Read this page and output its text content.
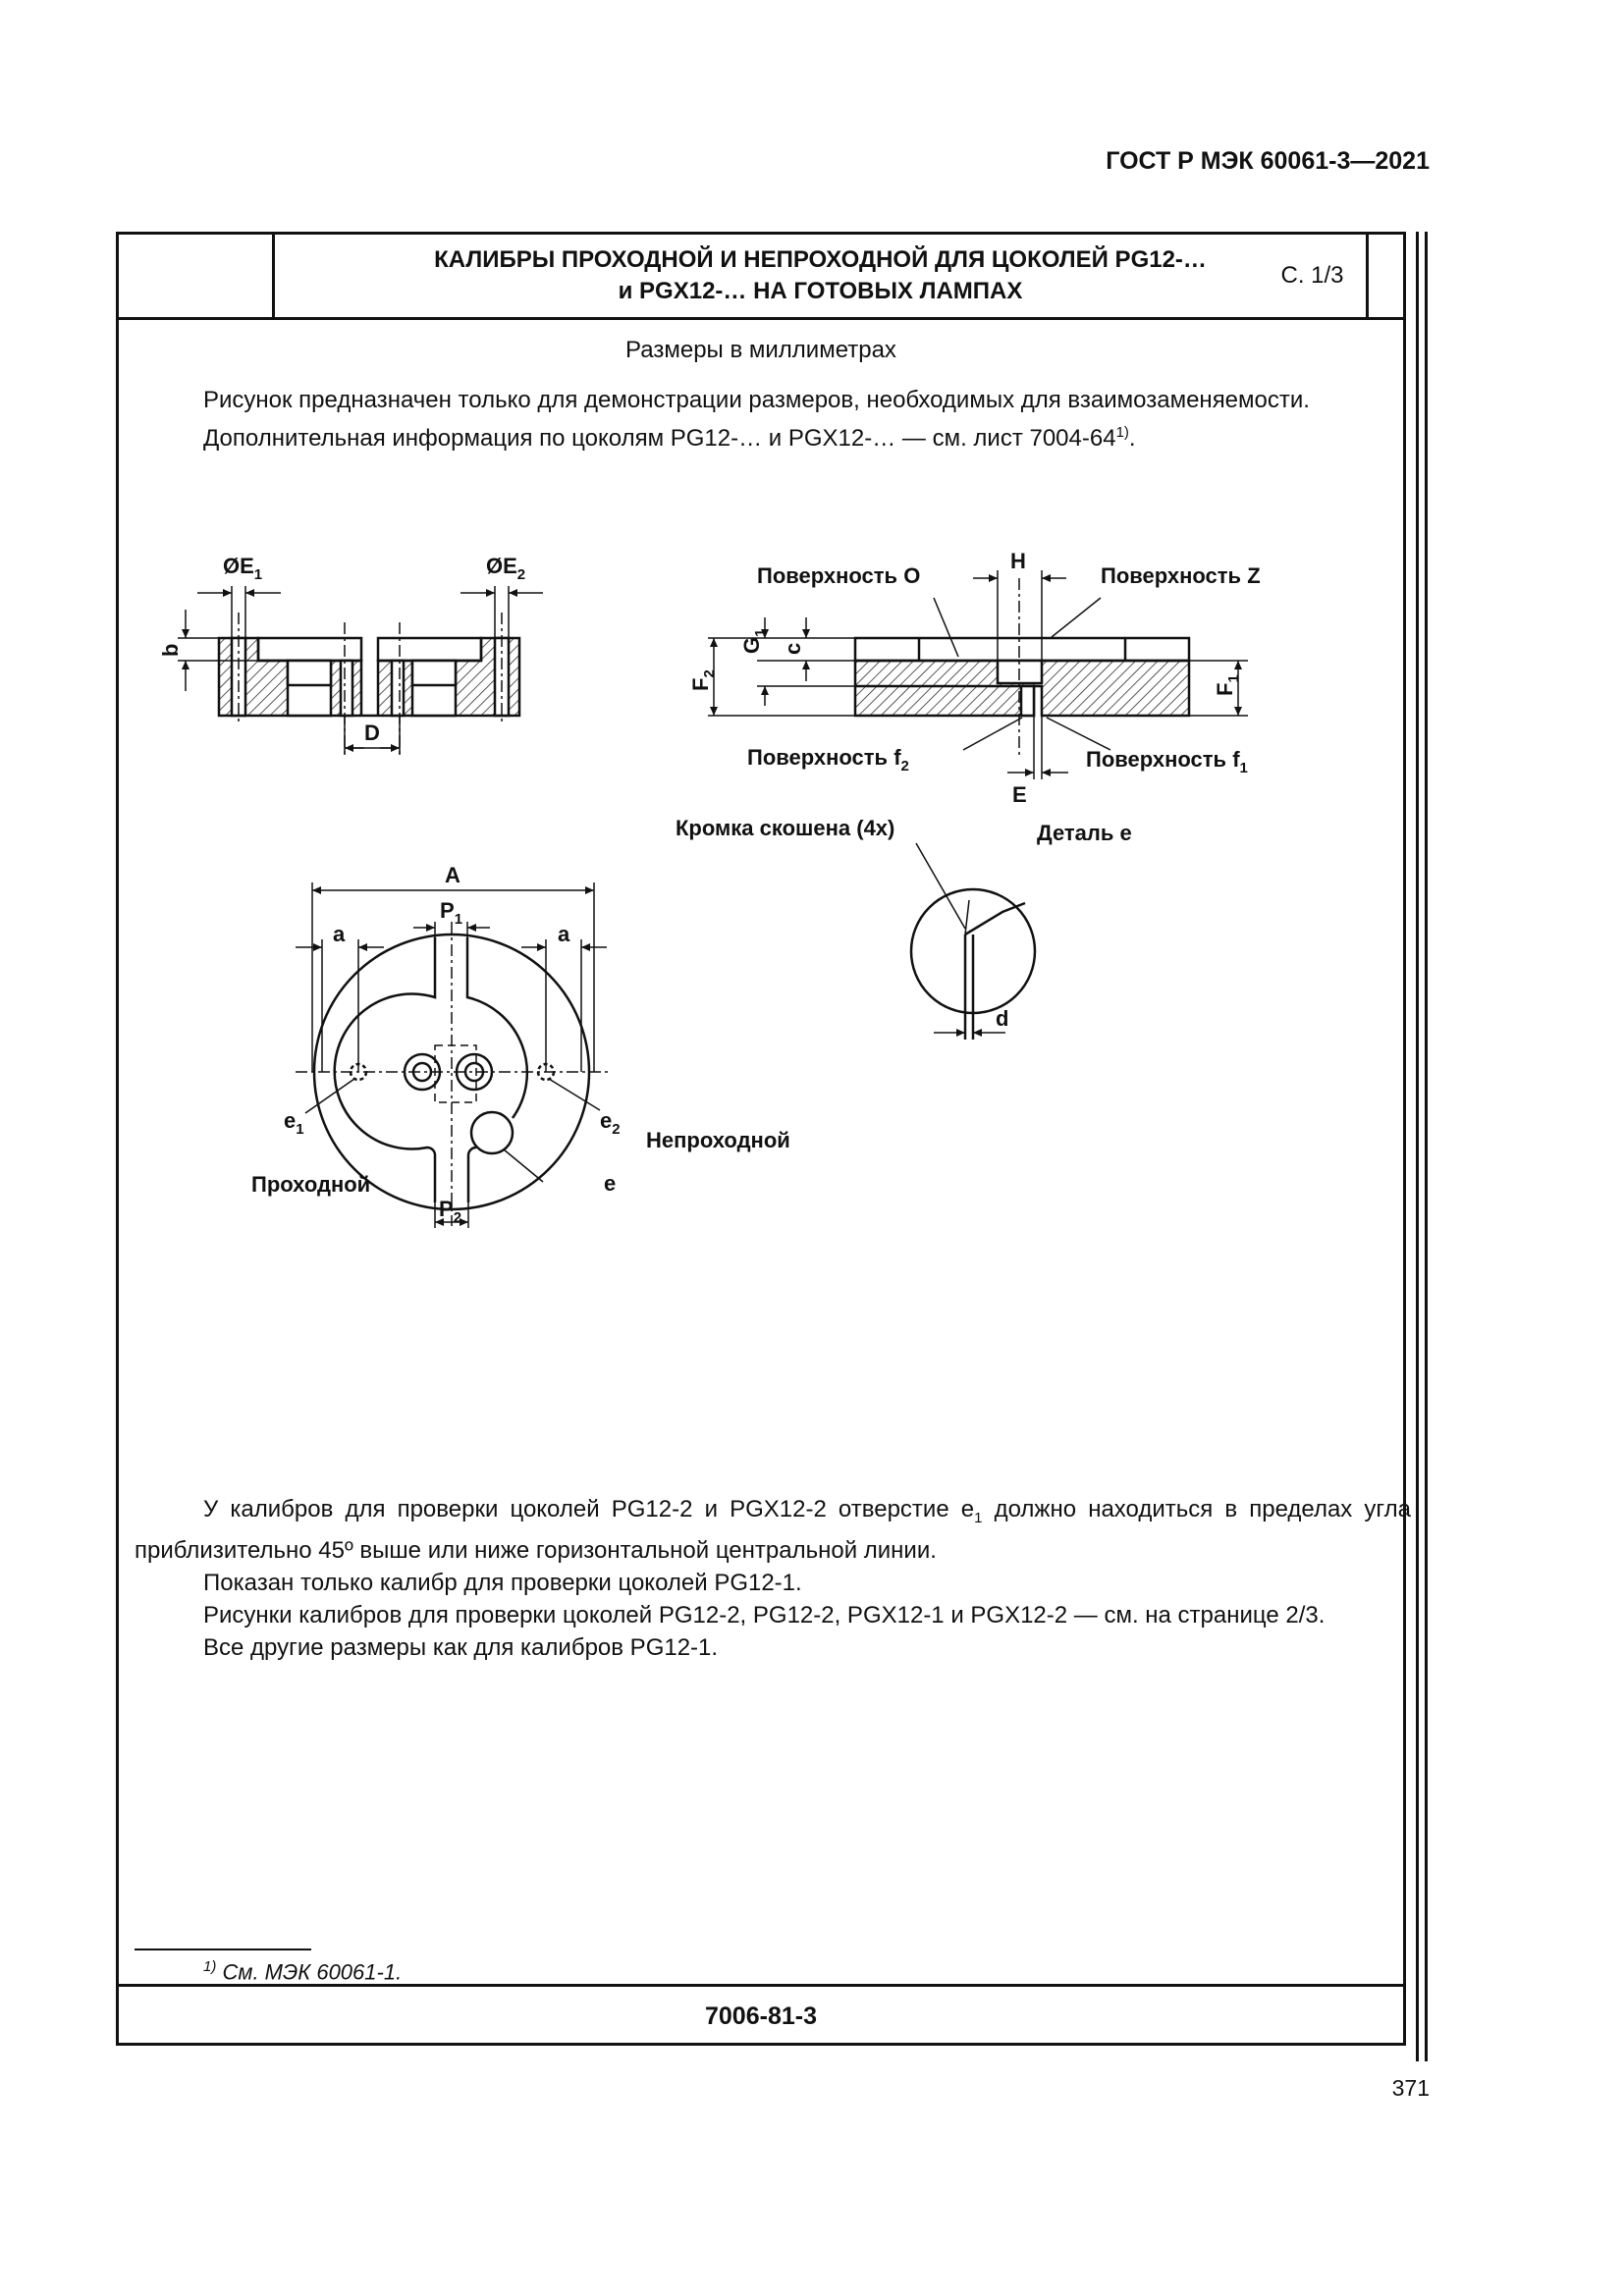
ГОСТ Р МЭК 60061-3—2021
КАЛИБРЫ ПРОХОДНОЙ И НЕПРОХОДНОЙ ДЛЯ ЦОКОЛЕЙ PG12-…
и PGX12-… НА ГОТОВЫХ ЛАМПАХ
С. 1/3
Размеры в миллиметрах

Рисунок предназначен только для демонстрации размеров, необходимых для взаимозаменяемости.

Дополнительная информация по цоколям PG12-… и PGX12-… — см. лист 7004-64$^{1)}$.

$ØE_1$	$ØE_2$
b
D
Поверхность O	Поверхность Z
H
$G_1$
c
$F_2$
$F_1$
Поверхность $f_2$	Поверхность $f_1$
E
A
$P_1$
a	a
$P_2$
$e_1$	$e_2$ Непроходной
Проходной	e
Кромка скошена (4x)	Деталь е
d

У калибров для проверки цоколей PG12-2 и PGX12-2 отверстие $е_1$ должно находиться в пределах угла приблизительно 45º выше или ниже горизонтальной центральной линии.

Показан только калибр для проверки цоколей PG12-1.

Рисунки калибров для проверки цоколей PG12-2, PG12-2, PGX12-1 и PGX12-2 — см. на странице 2/3.

Все другие размеры как для калибров PG12-1.

$^{1)}$ См. МЭК 60061-1.
7006-81-3
371
